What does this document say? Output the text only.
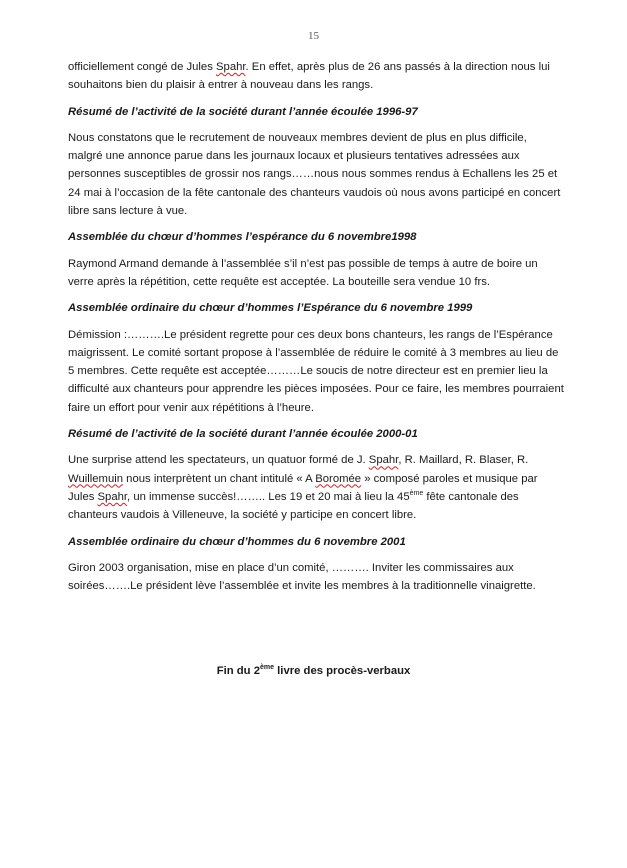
15

officiellement congé de Jules Spahr. En effet, après plus de 26 ans passés à la direction nous lui souhaitons bien du plaisir à entrer à nouveau dans les rangs.

Résumé de l’activité de la société durant l’année écoulée 1996-97

Nous constatons que le recrutement de nouveaux membres devient de plus en plus difficile, malgré une annonce parue dans les journaux locaux et plusieurs tentatives adressées aux personnes susceptibles de grossir nos rangs……nous nous sommes rendus à Echallens les 25 et 24 mai à l’occasion de la fête cantonale des chanteurs vaudois où nous avons participé en concert libre sans lecture à vue.

Assemblée du chœur d’hommes l’espérance du 6 novembre1998

Raymond Armand demande à l’assemblée s’il n’est pas possible de temps à autre de boire un verre après la répétition, cette requête est acceptée. La bouteille sera vendue 10 frs.

Assemblée ordinaire du chœur d’hommes l’Espérance du 6 novembre 1999

Démission :……….Le président regrette pour ces deux bons chanteurs, les rangs de l’Espérance maigrissent. Le comité sortant propose à l’assemblée de réduire le comité à 3 membres au lieu de 5 membres. Cette requête est acceptée………Le soucis de notre directeur est en premier lieu la difficulté aux chanteurs pour apprendre les pièces imposées. Pour ce faire, les membres pourraient faire un effort pour venir aux répétitions à l’heure.

Résumé de l’activité de la société durant l’année écoulée 2000-01

Une surprise attend les spectateurs, un quatuor formé de J. Spahr, R. Maillard, R. Blaser, R. Wuillemuin nous interprètent un chant intitulé « A Boromée » composé paroles et musique par Jules Spahr, un immense succès!…….. Les 19 et 20 mai à lieu la 45ème fête cantonale des chanteurs vaudois à Villeneuve, la société y participe en concert libre.

Assemblée ordinaire du chœur d’hommes du 6 novembre 2001

Giron 2003 organisation, mise en place d’un comité, ………. Inviter les commissaires aux soirées…….Le président lève l’assemblée et invite les membres à la traditionnelle vinaigrette.

Fin du 2ème livre des procès-verbaux
